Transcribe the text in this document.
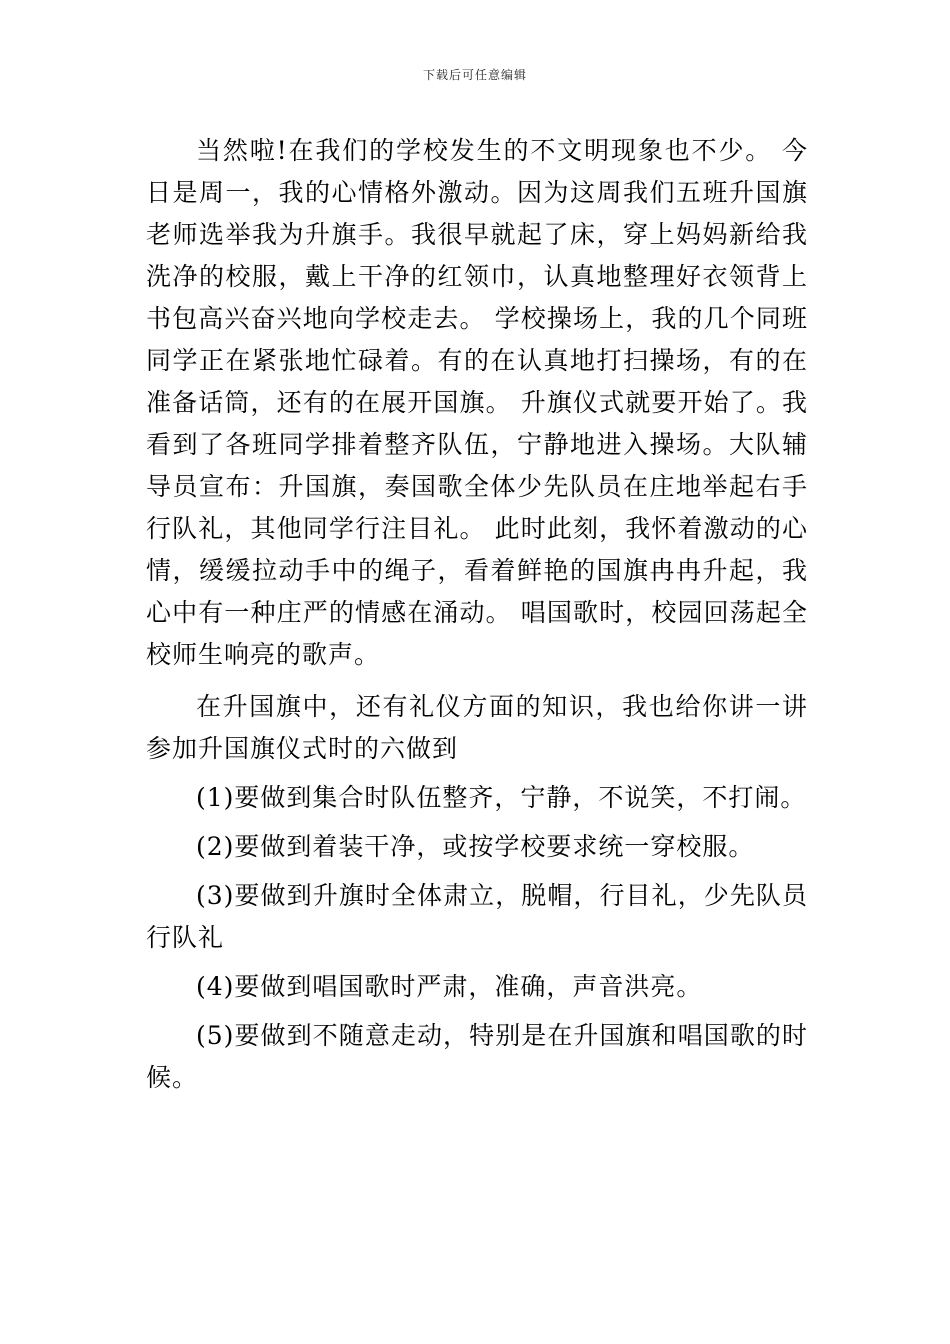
下载后可任意编辑

当然啦!在我们的学校发生的不文明现象也不少。 今日是周一，我的心情格外激动。因为这周我们五班升国旗老师选举我为升旗手。我很早就起了床，穿上妈妈新给我洗净的校服，戴上干净的红领巾，认真地整理好衣领背上书包高兴奋兴地向学校走去。 学校操场上，我的几个同班同学正在紧张地忙碌着。有的在认真地打扫操场，有的在准备话筒，还有的在展开国旗。 升旗仪式就要开始了。我看到了各班同学排着整齐队伍，宁静地进入操场。大队辅导员宣布：升国旗，奏国歌全体少先队员在庄地举起右手行队礼，其他同学行注目礼。 此时此刻，我怀着激动的心情，缓缓拉动手中的绳子，看着鲜艳的国旗冉冉升起，我心中有一种庄严的情感在涌动。 唱国歌时，校园回荡起全校师生响亮的歌声。

在升国旗中，还有礼仪方面的知识，我也给你讲一讲参加升国旗仪式时的六做到

(1)要做到集合时队伍整齐，宁静，不说笑，不打闹。

(2)要做到着装干净，或按学校要求统一穿校服。

(3)要做到升旗时全体肃立，脱帽，行目礼，少先队员行队礼

(4)要做到唱国歌时严肃，准确，声音洪亮。

(5)要做到不随意走动，特别是在升国旗和唱国歌的时候。
